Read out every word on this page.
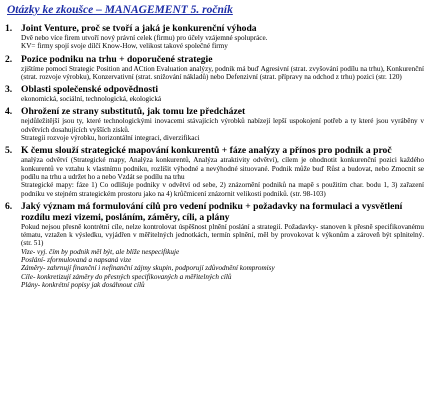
Otázky ke zkoušce – MANAGEMENT 5. ročník
1. Joint Venture, proč se tvoří a jaká je konkurenční výhoda
Dvě nebo více firem utvoří nový právní celek (firmu) pro účely vzájemné spolupráce.
KV= firmy spojí svoje dílčí Know-How, velikost takové společné firmy
2. Pozice podniku na trhu + doporučené strategie
zjištíme pomocí Strategic Position and ACtion Evaluation analýzy, podnik má buď Agresivní (strat. zvyšování podílu na trhu), Konkurenční (strat. rozvoje výrobku), Konzervativní (strat. snižování nákladů) nebo Defenzivní (strat. přípravy na odchod z trhu) pozici (str. 120)
3. Oblasti společenské odpovědnosti
ekonomická, sociální, technologická, ekologická
4. Ohrožení ze strany substitutů, jak tomu lze předcházet
nejdůležitější jsou ty, které technologickými inovacemi stávajících výrobků nabízejí lepší uspokojení potřeb a ty které jsou vyráběny v odvětvích dosahujících vyšších zisků.
Strategii rozvoje výrobku, horizontální integraci, diverzifikaci
5. K čemu slouží strategické mapování konkurentů + fáze analýzy a přínos pro podnik a proč
analýza odvětví (Strategické mapy, Analýza konkurentů, Analýza atraktivity odvětví), cílem je ohodnotit konkurenční pozici každého konkurentů ve vztahu k vlastnímu podniku, rozlišit výhodné a nevýhodné situované. Podnik může buď Růst a budovat, nebo Zmocnit se podílu na trhu a udržet ho a nebo Vzdát se podílu na trhu
Strategické mapy: fáze 1) Co odlišuje podniky v odvětví od sebe, 2) znázornění podniků na mapě s použitím char. bodu 1, 3) zařazení podniku ve stejném strategickém prostoru jako na 4) krůčmicení znázornit velikosti podniků. (str. 98-103)
6. Jaký význam má formulování cílů pro vedení podniku + požadavky na formulaci a vysvětlení rozdílu mezi vizemi, posláním, záměry, cíli, a plány
Pokud nejsou přesně kontrétní cíle, nelze kontrolovat úspěšnost plnění poslání a strategií. Požadavky- stanoven k přesně specifikovanému tématu, vztažen k výsledku, vyjádřen v měřitelných jednotkách, termín splnění, měl by provokovat k výkonům a zároveň být splnitelný. (str. 51)
Vize- vyj. čím by podnik měl být, ale blíže nespecifikuje
Poslání- zformulovaná a napsaná vize
Záměry- zahrnují finanční i nefinanční zájmy skupin, podporují zdůvodnění kompromisy
Cíle- konkretizují záměry do přesných specifikovaných a měřitelných cílů
Plány- konkrétní popisy jak dosáhnout cílů
